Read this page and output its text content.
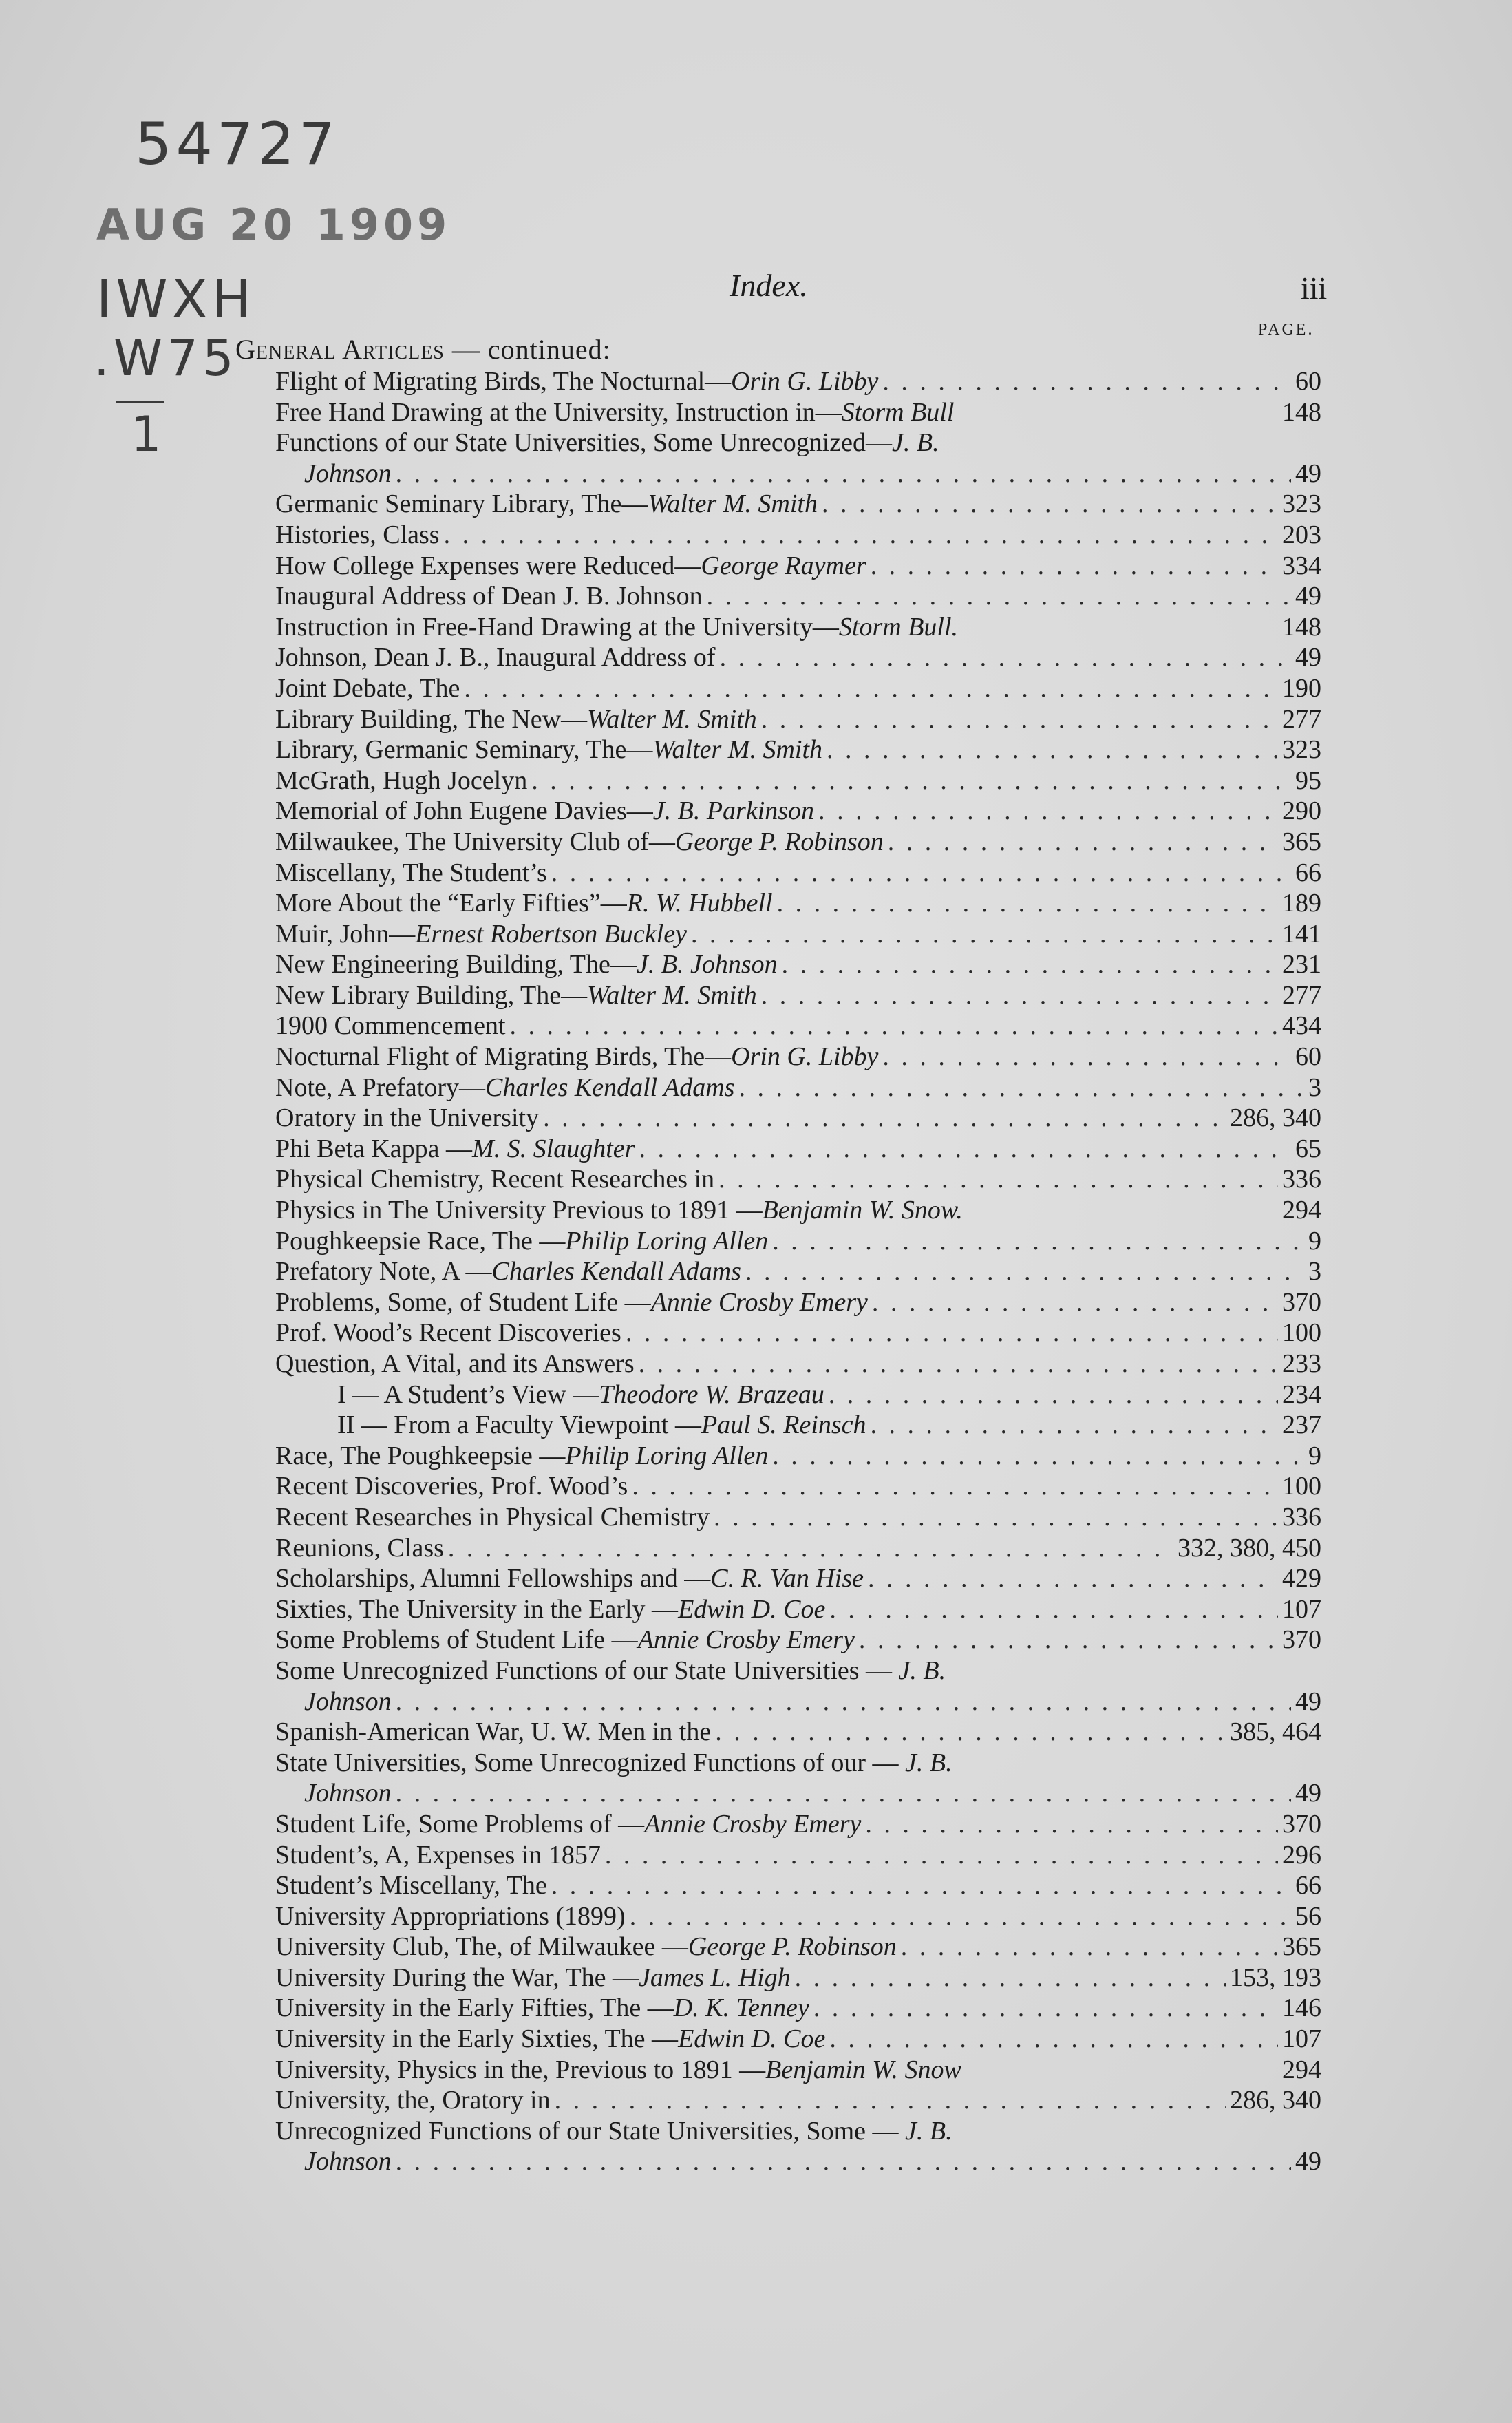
54727
AUG 20 1909
IWXH
.W75
1
Index.	iii
PAGE.
General Articles — continued:
Flight of Migrating Birds, The Nocturnal— Orin G. Libby . . .	60
Free Hand Drawing at the University, Instruction in— Storm Bull	148
Functions of our State Universities, Some Unrecognized—J. B.
Johnson . . .	49
Germanic Seminary Library, The— Walter M. Smith . . .	323
Histories, Class . . .	203
How College Expenses were Reduced— George Raymer . . .	334
Inaugural Address of Dean J. B. Johnson . . .	49
Instruction in Free-Hand Drawing at the University— Storm Bull.	148
Johnson, Dean J. B., Inaugural Address of . . .	49
Joint Debate, The . . .	190
Library Building, The New— Walter M. Smith . . .	277
Library, Germanic Seminary, The— Walter M. Smith . . .	323
McGrath, Hugh Jocelyn . . .	95
Memorial of John Eugene Davies— J. B. Parkinson . . .	290
Milwaukee, The University Club of— George P. Robinson . . .	365
Miscellany, The Student’s . . .	66
More About the “Early Fifties”— R. W. Hubbell . . .	189
Muir, John— Ernest Robertson Buckley . . .	141
New Engineering Building, The— J. B. Johnson . . .	231
New Library Building, The— Walter M. Smith . . .	277
1900 Commencement . . .	434
Nocturnal Flight of Migrating Birds, The— Orin G. Libby . . .	60
Note, A Prefatory— Charles Kendall Adams . . .	3
Oratory in the University . . .	286, 340
Phi Beta Kappa — M. S. Slaughter . . .	65
Physical Chemistry, Recent Researches in . . .	336
Physics in The University Previous to 1891 — Benjamin W. Snow.	294
Poughkeepsie Race, The — Philip Loring Allen . . .	9
Prefatory Note, A — Charles Kendall Adams . . .	3
Problems, Some, of Student Life — Annie Crosby Emery . . .	370
Prof. Wood’s Recent Discoveries . . .	100
Question, A Vital, and its Answers . . .	233
I — A Student’s View — Theodore W. Brazeau . . .	234
II — From a Faculty Viewpoint — Paul S. Reinsch . . .	237
Race, The Poughkeepsie — Philip Loring Allen . . .	9
Recent Discoveries, Prof. Wood’s . . .	100
Recent Researches in Physical Chemistry . . .	336
Reunions, Class . . .	332, 380, 450
Scholarships, Alumni Fellowships and — C. R. Van Hise . . .	429
Sixties, The University in the Early — Edwin D. Coe . . .	107
Some Problems of Student Life — Annie Crosby Emery . . .	370
Some Unrecognized Functions of our State Universities — J. B.
Johnson . . .	49
Spanish-American War, U. W. Men in the . . .	385, 464
State Universities, Some Unrecognized Functions of our — J. B.
Johnson . . .	49
Student Life, Some Problems of — Annie Crosby Emery . . .	370
Student’s, A, Expenses in 1857 . . .	296
Student’s Miscellany, The . . .	66
University Appropriations (1899) . . .	56
University Club, The, of Milwaukee — George P. Robinson . . .	365
University During the War, The — James L. High . . .	153, 193
University in the Early Fifties, The — D. K. Tenney . . .	146
University in the Early Sixties, The — Edwin D. Coe . . .	107
University, Physics in the, Previous to 1891 — Benjamin W. Snow	294
University, the, Oratory in . . .	286, 340
Unrecognized Functions of our State Universities, Some — J. B.
Johnson . . .	49
